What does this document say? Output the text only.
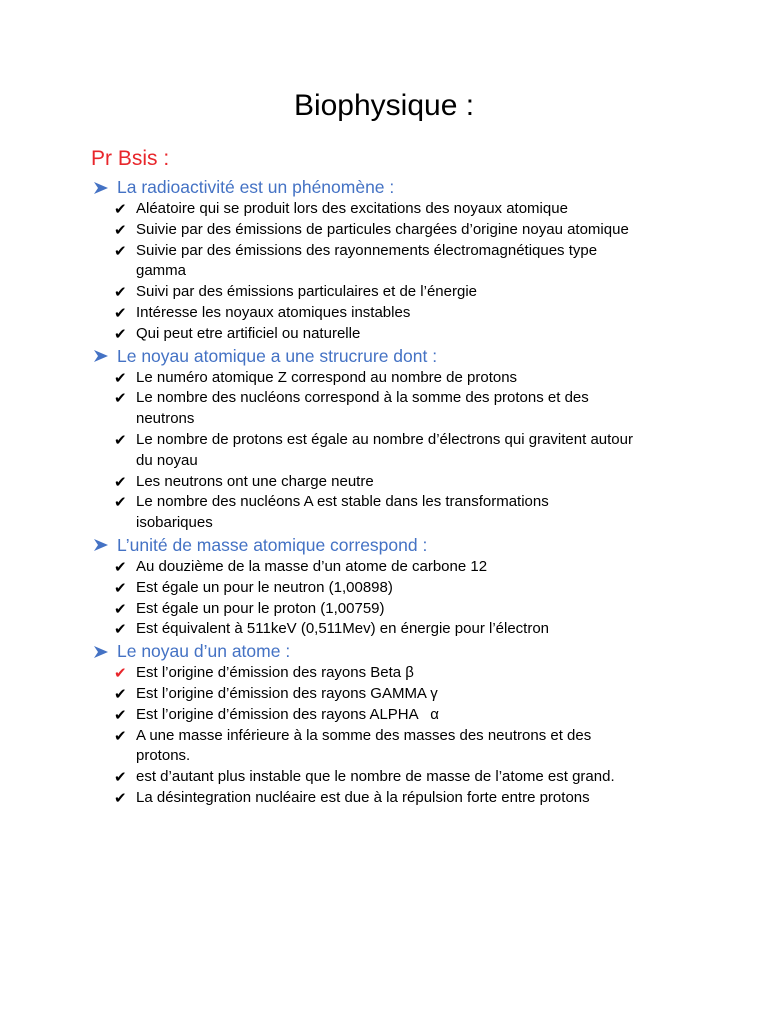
Biophysique :
Pr Bsis :
La radioactivité est un phénomène :
✔ Aléatoire qui se produit lors des excitations des noyaux atomique
✔ Suivie par des émissions de particules chargées d’origine noyau atomique
✔ Suivie par des émissions des rayonnements électromagnétiques type gamma
✔ Suivi par des émissions particulaires et de l’énergie
✔ Intéresse les noyaux atomiques instables
✔ Qui peut etre artificiel ou naturelle
Le noyau atomique a une strucrure dont :
✔ Le numéro atomique Z correspond au nombre de protons
✔ Le nombre des nucléons correspond à la somme des protons et des neutrons
✔ Le nombre de protons est égale au nombre d’électrons qui gravitent autour du noyau
✔ Les neutrons ont une charge neutre
✔ Le nombre des nucléons A est stable dans les transformations isobariques
L’unité de masse atomique correspond :
✔ Au douzième de la masse d’un atome de carbone 12
✔ Est égale un pour le neutron (1,00898)
✔ Est égale un pour le proton (1,00759)
✔ Est équivalent à 511keV (0,511Mev) en énergie pour l’électron
Le noyau d’un atome :
✔ Est l’origine d’émission des rayons Beta β
✔ Est l’origine d’émission des rayons GAMMA γ
✔ Est l’origine d’émission des rayons ALPHA   α
✔ A une masse inférieure à la somme des masses des neutrons et des protons.
✔ est d’autant plus instable que le nombre de masse de l’atome est grand.
✔ La désintegration nucléaire est due à la répulsion forte entre protons
